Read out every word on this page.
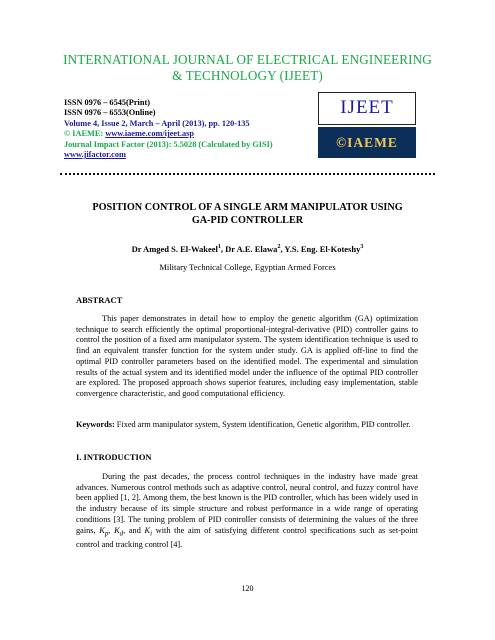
INTERNATIONAL JOURNAL OF ELECTRICAL ENGINEERING
& TECHNOLOGY (IJEET)
ISSN 0976 – 6545(Print)
ISSN 0976 – 6553(Online)
Volume 4, Issue 2, March – April (2013), pp. 120-135
© IAEME: www.iaeme.com/ijeet.asp
Journal Impact Factor (2013): 5.5028 (Calculated by GISI)
www.jifactor.com
IJEET
©IAEME
POSITION CONTROL OF A SINGLE ARM MANIPULATOR USING
GA-PID CONTROLLER
Dr Amged S. El-Wakeel$^1$, Dr A.E. Elawa$^2$, Y.S. Eng. El-Koteshy$^3$
Military Technical College, Egyptian Armed Forces
ABSTRACT
This paper demonstrates in detail how to employ the genetic algorithm (GA) optimization technique to search efficiently the optimal proportional-integral-derivative (PID) controller gains to control the position of a fixed arm manipulator system. The system identification technique is used to find an equivalent transfer function for the system under study. GA is applied off-line to find the optimal PID controller parameters based on the identified model. The experimental and simulation results of the actual system and its identified model under the influence of the optimal PID controller are explored. The proposed approach shows superior features, including easy implementation, stable convergence characteristic, and good computational efficiency.
Keywords: Fixed arm manipulator system, System identification, Genetic algorithm, PID controller.
I. INTRODUCTION
During the past decades, the process control techniques in the industry have made great advances. Numerous control methods such as adaptive control, neural control, and fuzzy control have been applied [1, 2]. Among them, the best known is the PID controller, which has been widely used in the industry because of its simple structure and robust performance in a wide range of operating conditions [3]. The tuning problem of PID controller consists of determining the values of the three gains, $K_p$, $K_d$, and $K_i$ with the aim of satisfying different control specifications such as set-point control and tracking control [4].
120
